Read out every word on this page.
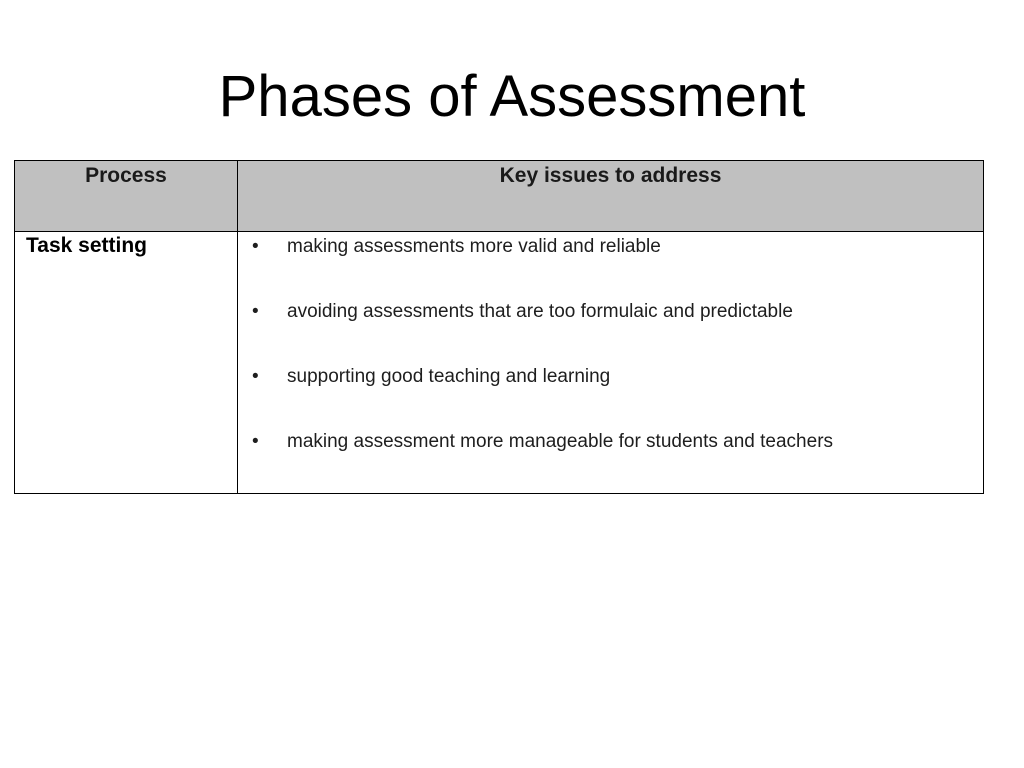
Phases of Assessment
Process	Key issues to address
Task setting	•	making assessments more valid and reliable
•	avoiding assessments that are too formulaic and predictable
•	supporting good teaching and learning
•	making assessment more manageable for students and teachers
